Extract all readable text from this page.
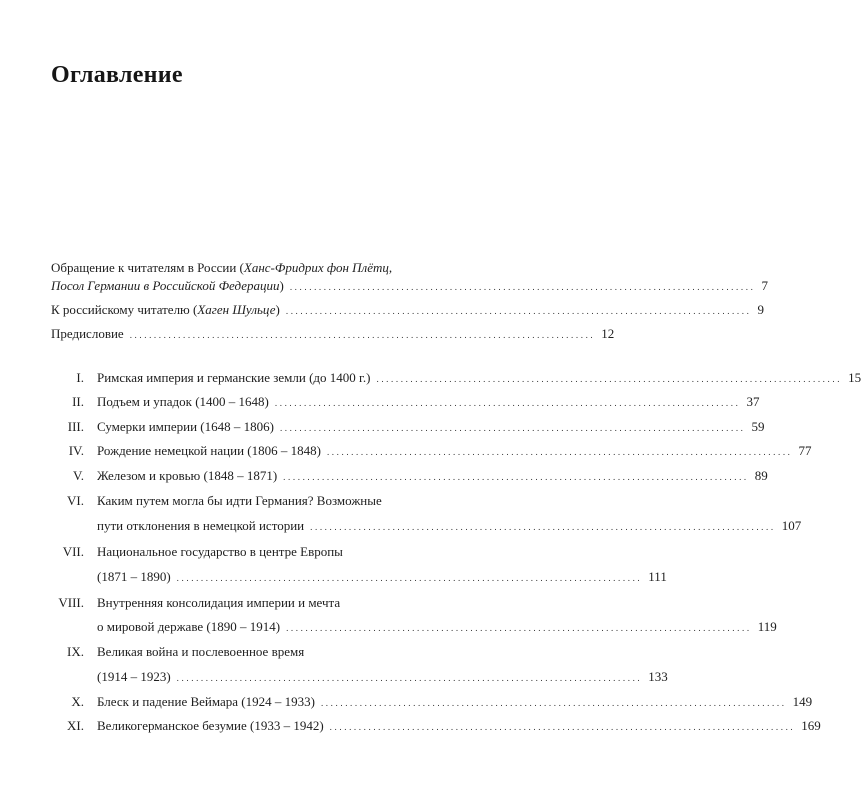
Оглавление
Обращение к читателям в России (Ханс-Фридрих фон Плётц,
Посол Германии в Российской Федерации) ................................................................................................ 7
К российскому читателю (Хаген Шульце) ................................................................................................ 9
Предисловие ................................................................................................ 12
I. Римская империя и германские земли (до 1400 г.) ................................................................................................ 15
II. Подъем и упадок (1400 – 1648) ................................................................................................ 37
III. Сумерки империи (1648 – 1806) ................................................................................................ 59
IV. Рождение немецкой нации (1806 – 1848) ................................................................................................ 77
V. Железом и кровью (1848 – 1871) ................................................................................................ 89
VI. Каким путем могла бы идти Германия? Возможные
пути отклонения в немецкой истории ................................................................................................ 107
VII. Национальное государство в центре Европы
(1871 – 1890) ................................................................................................ 111
VIII. Внутренняя консолидация империи и мечта
о мировой державе (1890 – 1914) ................................................................................................ 119
IX. Великая война и послевоенное время
(1914 – 1923) ................................................................................................ 133
X. Блеск и падение Веймара (1924 – 1933) ................................................................................................ 149
XI. Великогерманское безумие (1933 – 1942) ................................................................................................ 169
